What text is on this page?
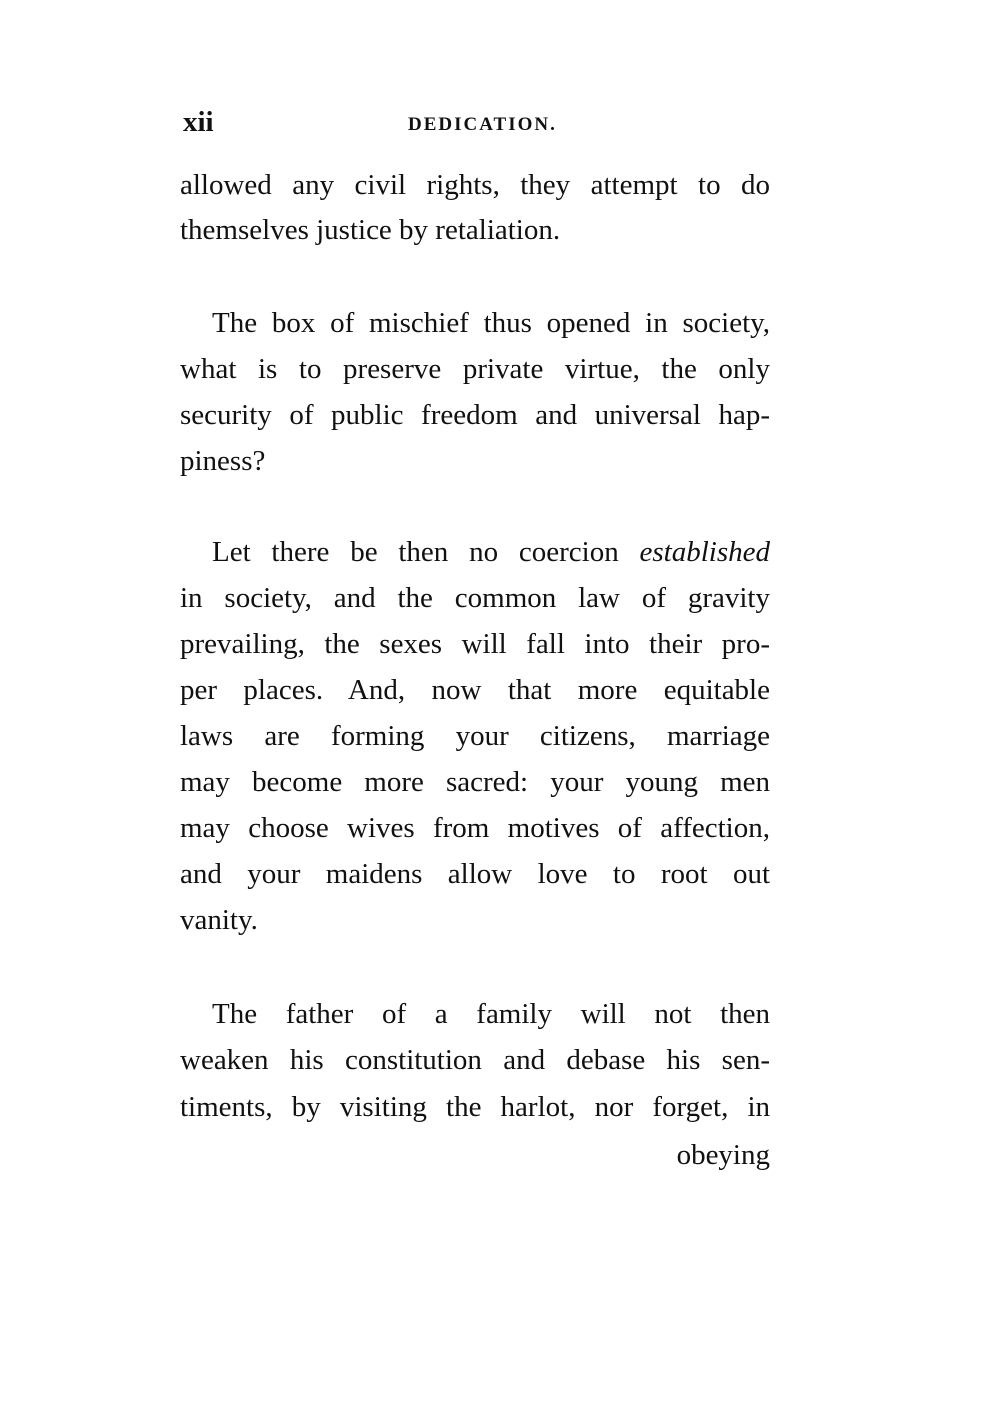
xii	DEDICATION.
allowed any civil rights, they attempt to do
themselves justice by retaliation.
The box of mischief thus opened in society,
what is to preserve private virtue, the only
security of public freedom and universal hap-
piness?
Let there be then no coercion established
in society, and the common law of gravity
prevailing, the sexes will fall into their pro-
per places. And, now that more equitable
laws are forming your citizens, marriage
may become more sacred: your young men
may choose wives from motives of affection,
and your maidens allow love to root out
vanity.
The father of a family will not then
weaken his constitution and debase his sen-
timents, by visiting the harlot, nor forget, in
obeying
